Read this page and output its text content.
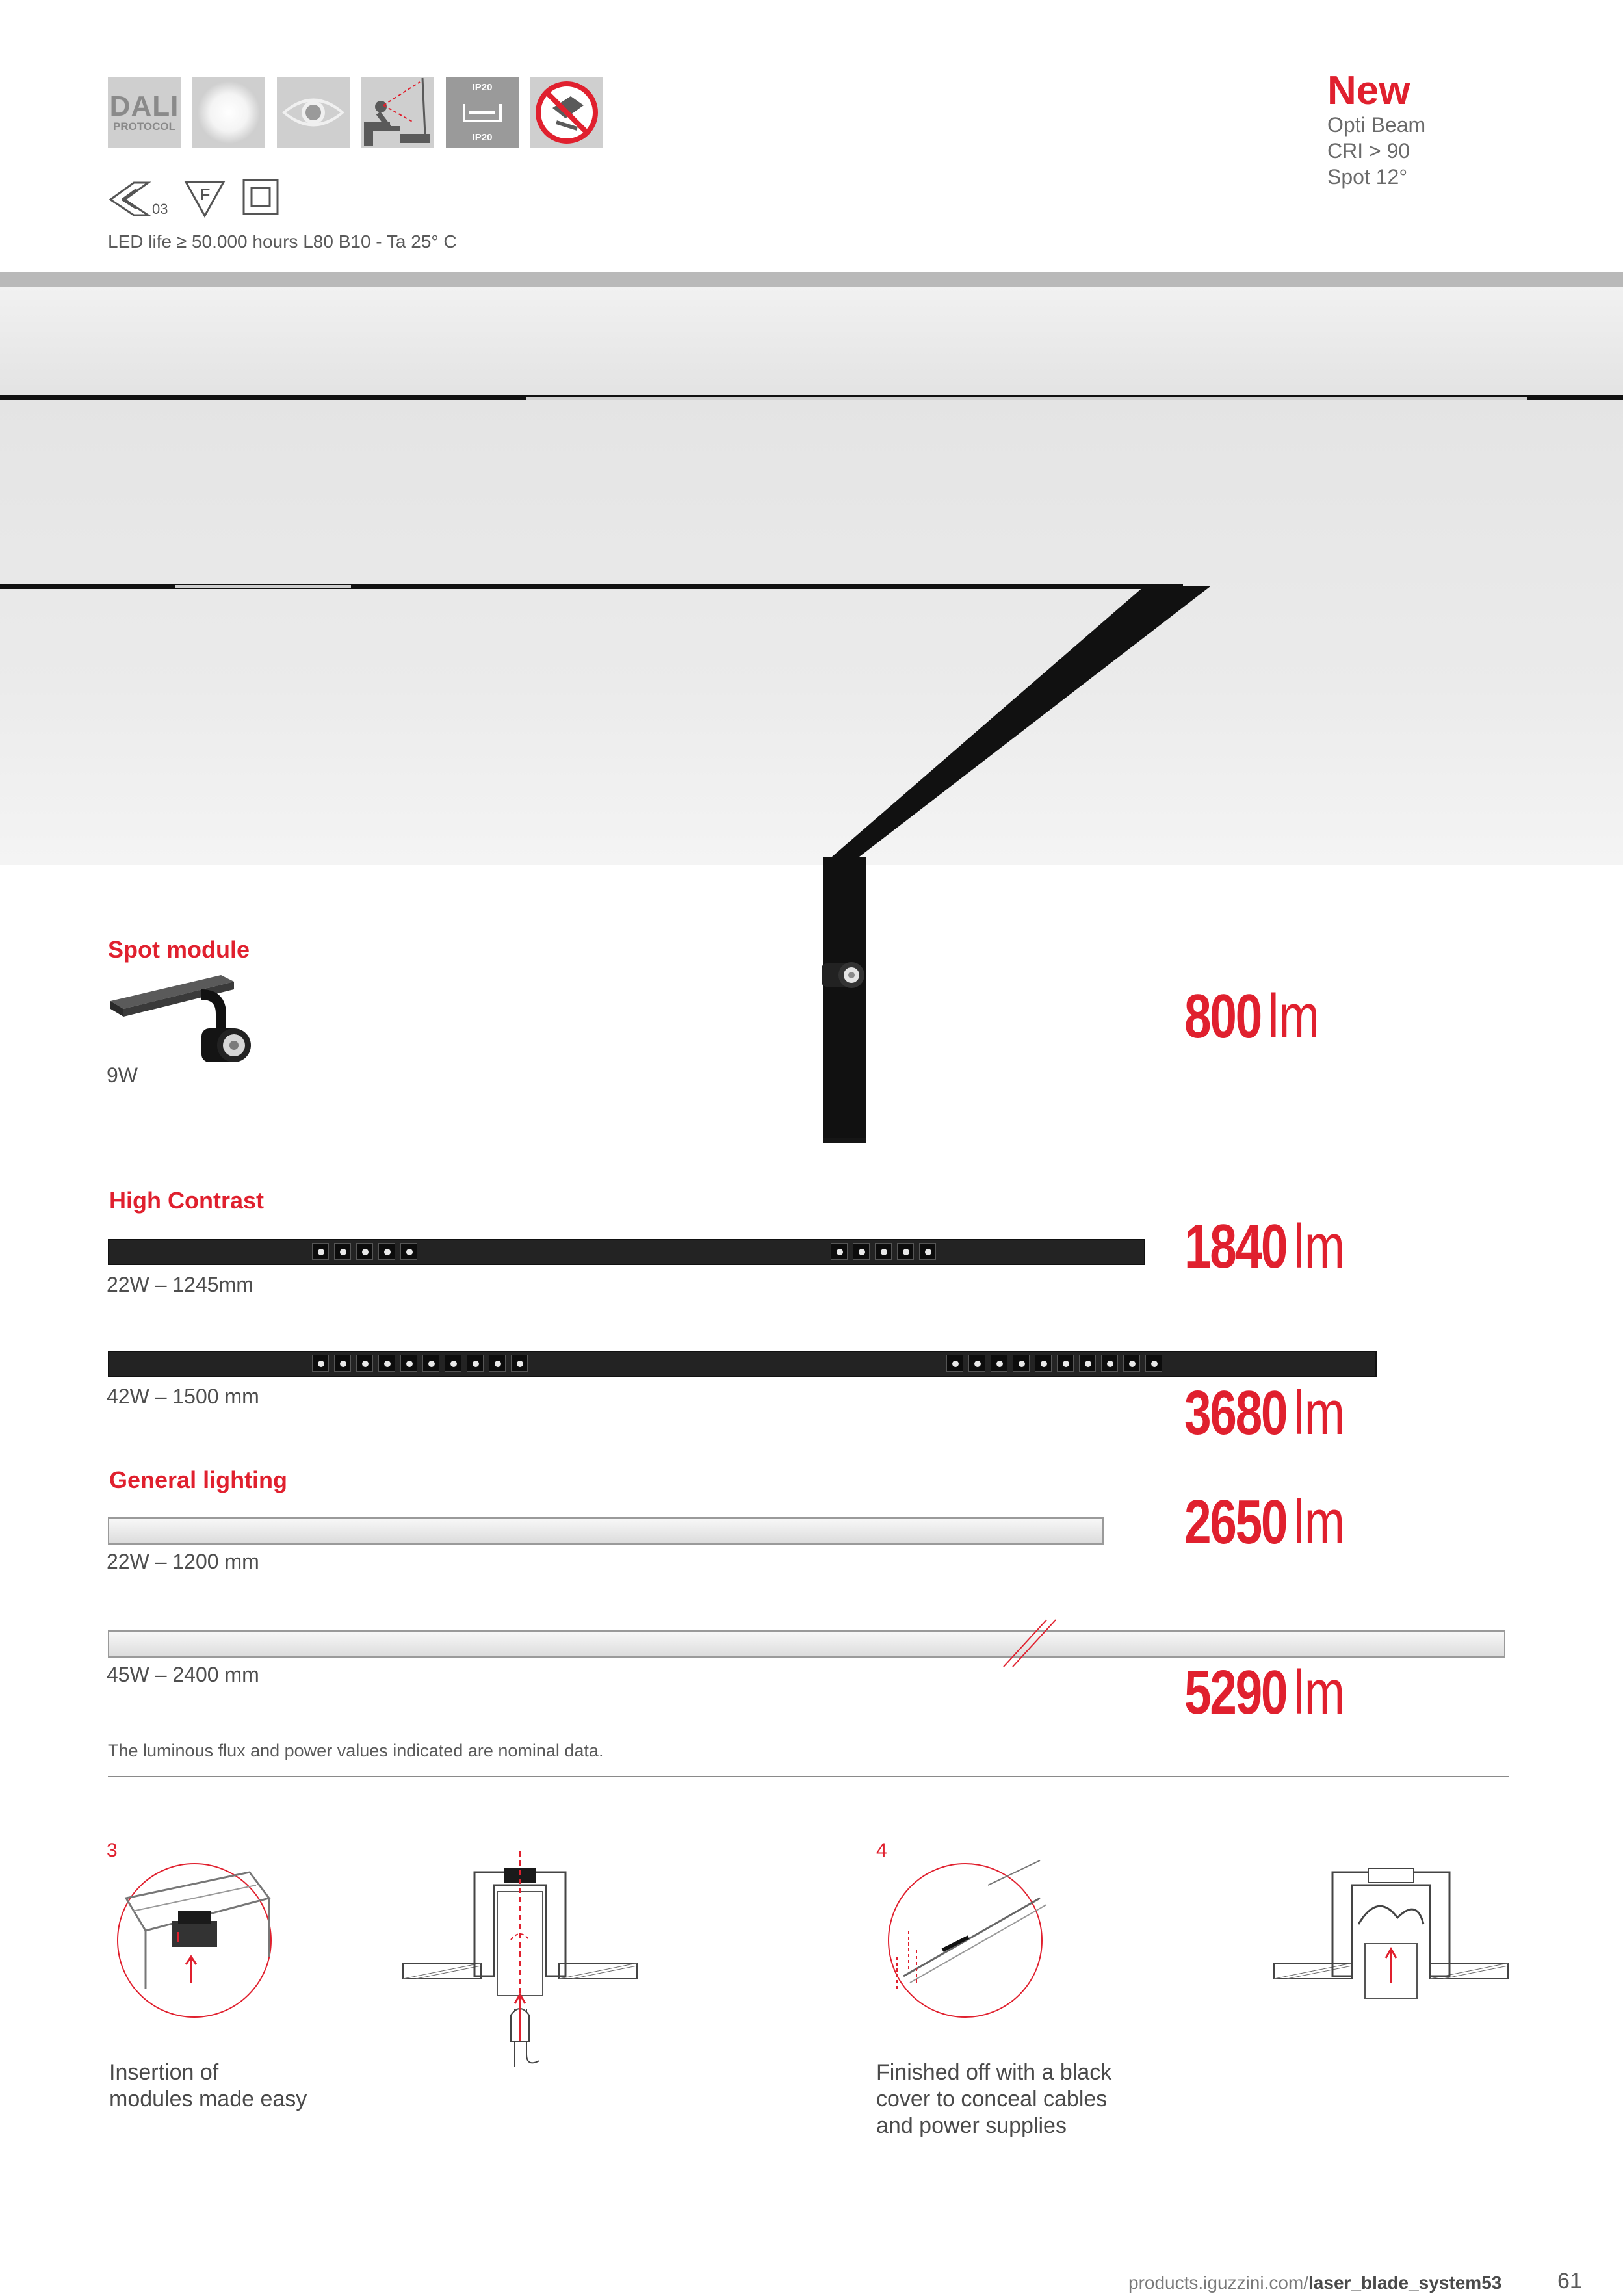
DALI
PROTOCOL
IP20
IP20
03
F
LED life ≥ 50.000 hours L80 B10 - Ta 25° C
New
Opti Beam
CRI > 90
Spot 12°
Spot module
9W
800 lm
High Contrast
22W – 1245mm
1840 lm
42W – 1500 mm	3680 lm
General lighting
22W – 1200 mm
2650 lm
45W – 2400 mm	5290 lm
The luminous flux and power values indicated are nominal data.
3
Insertion of
modules made easy
4
Finished off with a black
cover to conceal cables
and power supplies
products.iguzzini.com/laser_blade_system53	61
